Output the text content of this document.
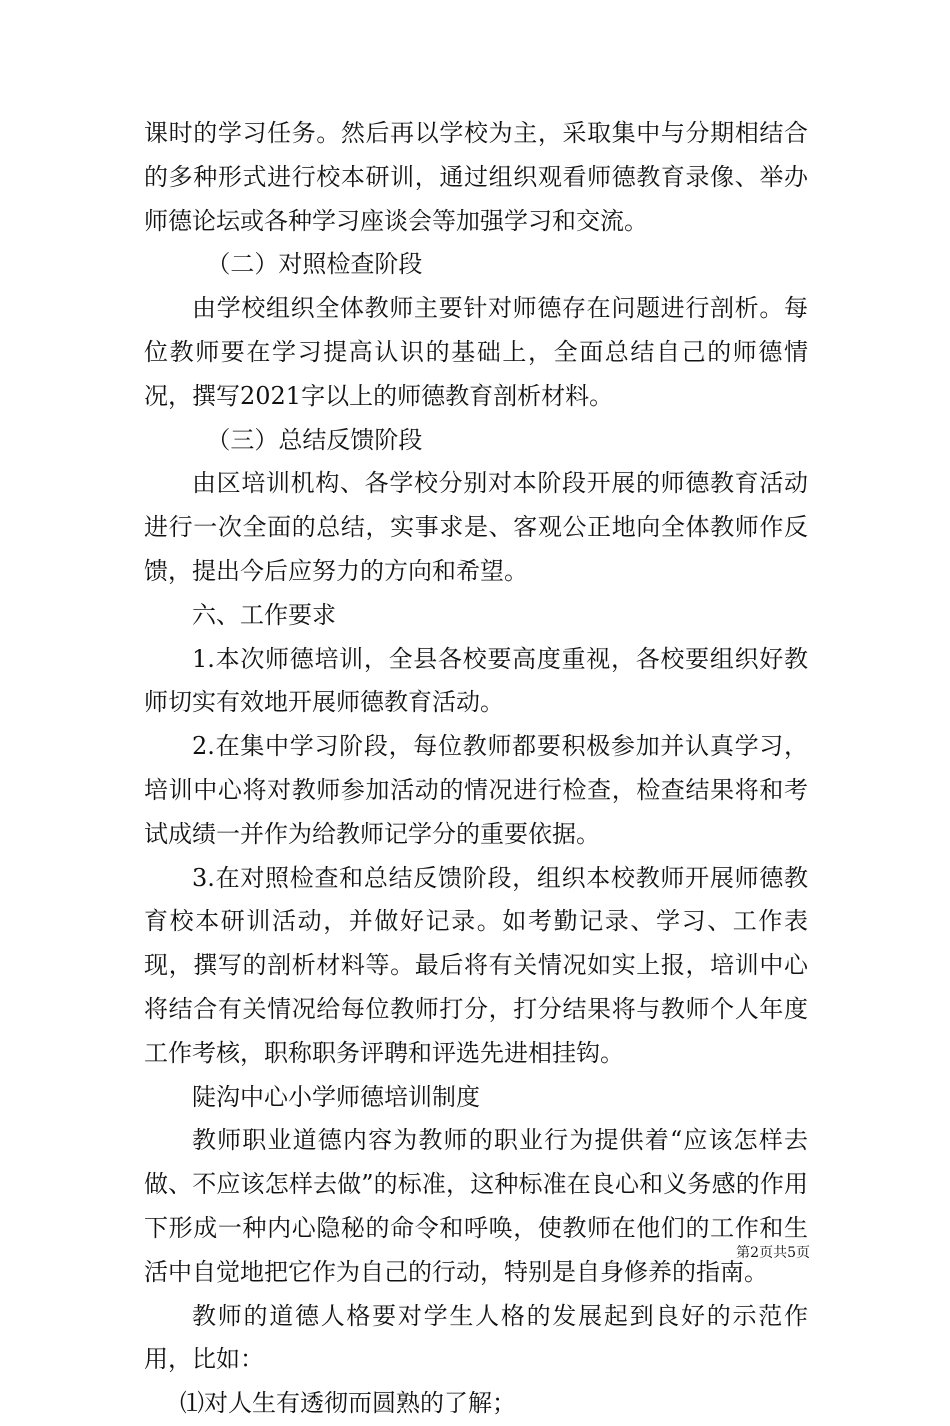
课时的学习任务。然后再以学校为主，采取集中与分期相结合的多种形式进行校本研训，通过组织观看师德教育录像、举办师德论坛或各种学习座谈会等加强学习和交流。

（二）对照检查阶段

由学校组织全体教师主要针对师德存在问题进行剖析。每位教师要在学习提高认识的基础上，全面总结自己的师德情况，撰写2021字以上的师德教育剖析材料。

（三）总结反馈阶段

由区培训机构、各学校分别对本阶段开展的师德教育活动进行一次全面的总结，实事求是、客观公正地向全体教师作反馈，提出今后应努力的方向和希望。

六、工作要求

1.本次师德培训，全县各校要高度重视，各校要组织好教师切实有效地开展师德教育活动。

2.在集中学习阶段，每位教师都要积极参加并认真学习，培训中心将对教师参加活动的情况进行检查，检查结果将和考试成绩一并作为给教师记学分的重要依据。

3.在对照检查和总结反馈阶段，组织本校教师开展师德教育校本研训活动，并做好记录。如考勤记录、学习、工作表现，撰写的剖析材料等。最后将有关情况如实上报，培训中心将结合有关情况给每位教师打分，打分结果将与教师个人年度工作考核，职称职务评聘和评选先进相挂钩。

陡沟中心小学师德培训制度

教师职业道德内容为教师的职业行为提供着“应该怎样去做、不应该怎样去做”的标准，这种标准在良心和义务感的作用下形成一种内心隐秘的命令和呼唤，使教师在他们的工作和生活中自觉地把它作为自己的行动，特别是自身修养的指南。

教师的道德人格要对学生人格的发展起到良好的示范作用，比如：

⑴对人生有透彻而圆熟的了解；

第2页共5页
